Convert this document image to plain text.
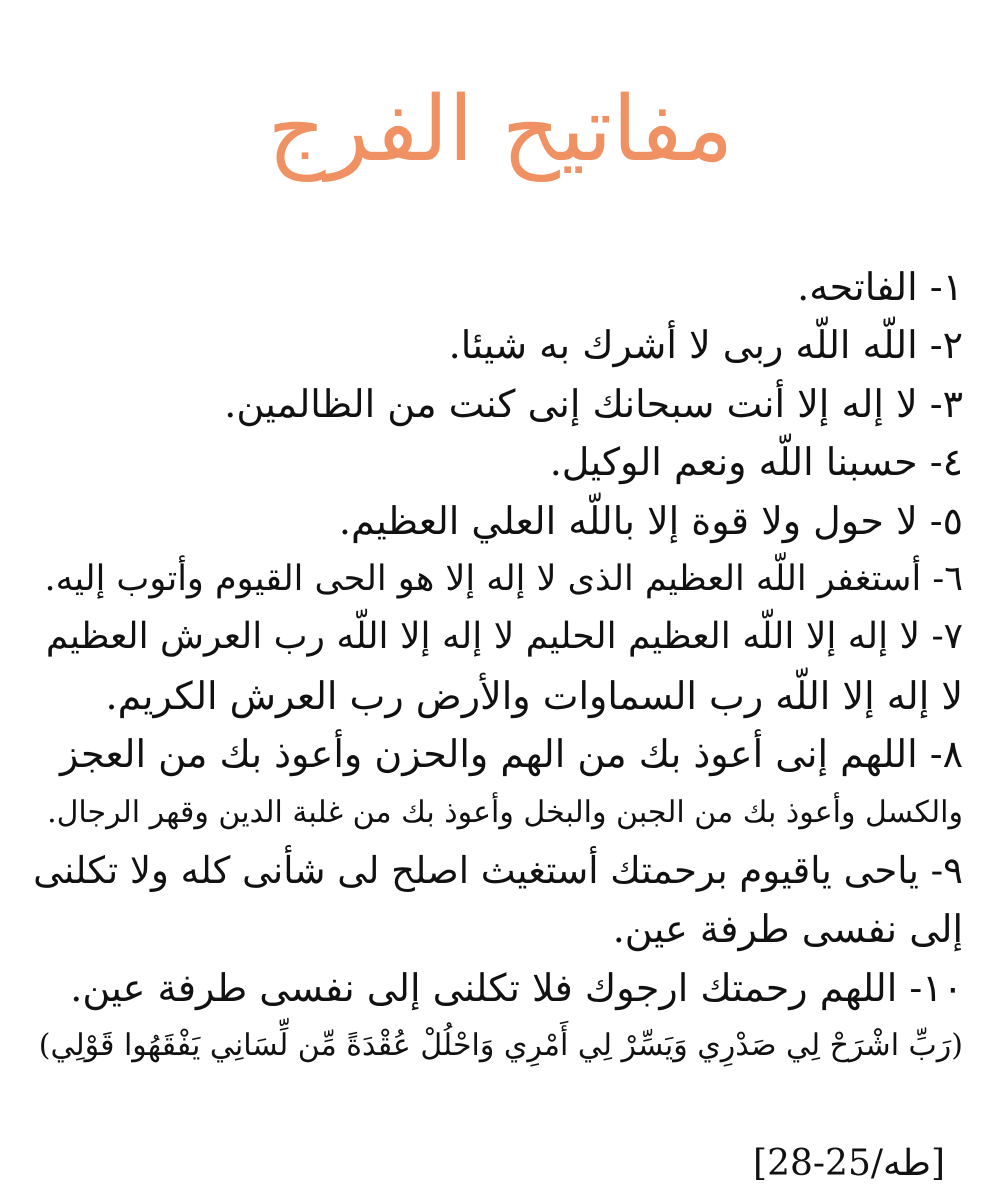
مفاتيح الفرج
١- الفاتحه.
٢- اللّه اللّه ربى لا أشرك به شيئا.
٣- لا إله إلا أنت سبحانك إنى كنت من الظالمين.
٤- حسبنا اللّه ونعم الوكيل.
٥- لا حول ولا قوة إلا باللّه العلي العظيم.
٦- أستغفر اللّه العظيم الذى لا إله إلا هو الحى القيوم وأتوب إليه.
٧- لا إله إلا اللّه العظيم الحليم لا إله إلا اللّه رب العرش العظيم
لا إله إلا اللّه رب السماوات والأرض رب العرش الكريم.
٨- اللهم إنى أعوذ بك من الهم والحزن وأعوذ بك من العجز
والكسل وأعوذ بك من الجبن والبخل وأعوذ بك من غلبة الدين وقهر الرجال.
٩- ياحى ياقيوم برحمتك أستغيث اصلح لى شأنى كله ولا تكلنى
إلى نفسى طرفة عين.
١٠- اللهم رحمتك ارجوك فلا تكلنى إلى نفسى طرفة عين.
(رَبِّ اشْرَحْ لِي صَدْرِي وَيَسِّرْ لِي أَمْرِي وَاحْلُلْ عُقْدَةً مِّن لِّسَانِي يَفْقَهُوا قَوْلِي)
[طه/25-28]
